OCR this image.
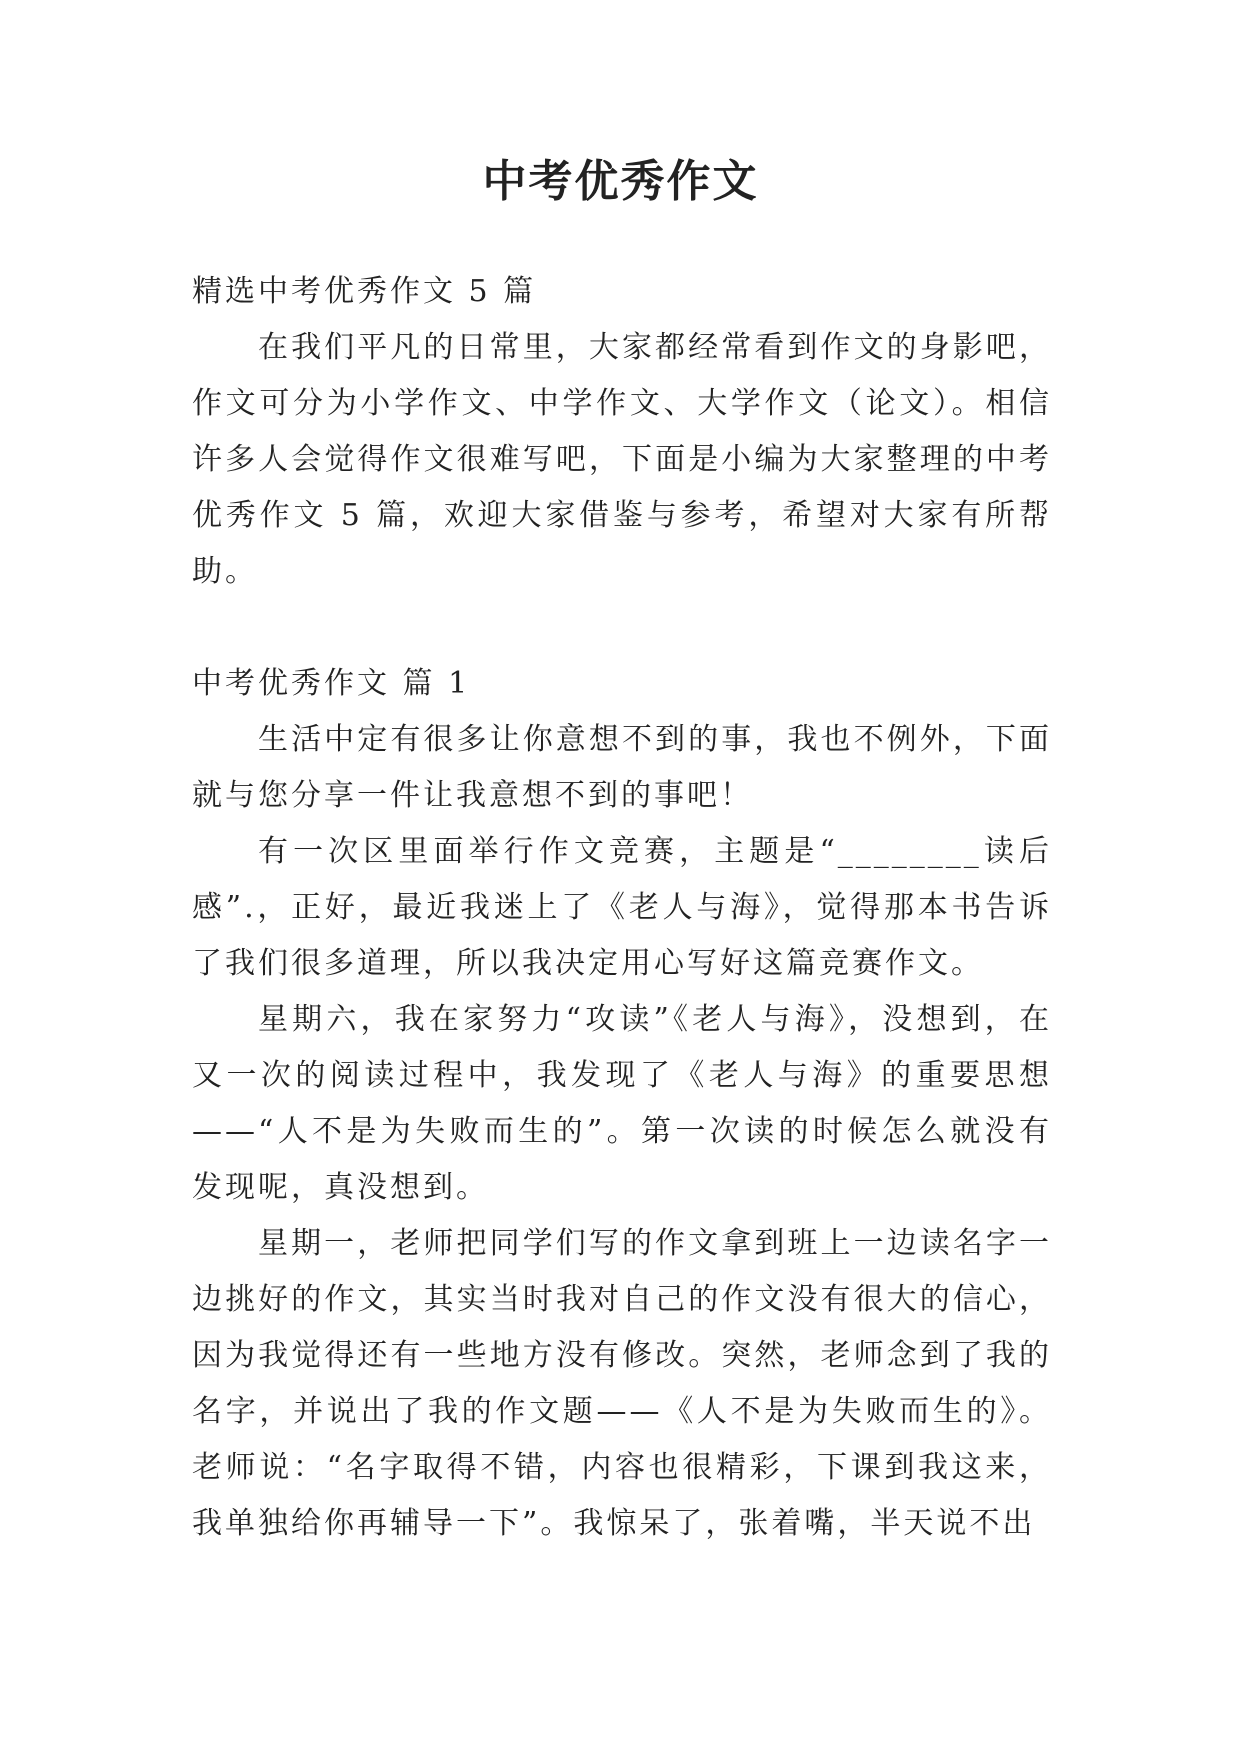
中考优秀作文

精选中考优秀作文 5 篇

在我们平凡的日常里，大家都经常看到作文的身影吧，作文可分为小学作文、中学作文、大学作文（论文）。相信许多人会觉得作文很难写吧，下面是小编为大家整理的中考优秀作文 5 篇，欢迎大家借鉴与参考，希望对大家有所帮助。

中考优秀作文 篇 1

生活中定有很多让你意想不到的事，我也不例外，下面就与您分享一件让我意想不到的事吧！

有一次区里面举行作文竞赛，主题是“________读后感”.，正好，最近我迷上了《老人与海》，觉得那本书告诉了我们很多道理，所以我决定用心写好这篇竞赛作文。

星期六，我在家努力“攻读”《老人与海》，没想到，在又一次的阅读过程中，我发现了《老人与海》的重要思想——“人不是为失败而生的”。第一次读的时候怎么就没有发现呢，真没想到。

星期一，老师把同学们写的作文拿到班上一边读名字一边挑好的作文，其实当时我对自己的作文没有很大的信心，因为我觉得还有一些地方没有修改。突然，老师念到了我的名字，并说出了我的作文题——《人不是为失败而生的》。老师说：“名字取得不错，内容也很精彩，下课到我这来，我单独给你再辅导一下”。我惊呆了，张着嘴，半天说不出
